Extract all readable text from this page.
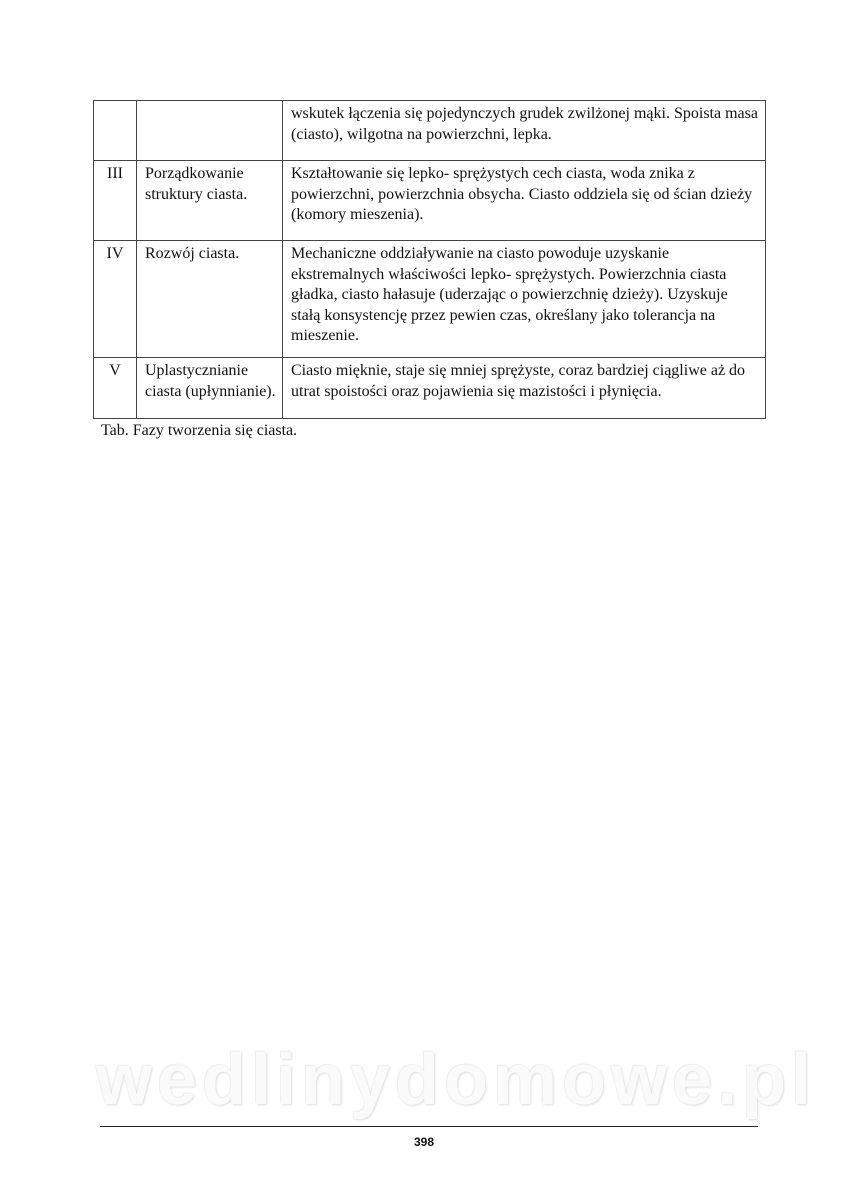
		wskutek łączenia się pojedynczych grudek zwilżonej mąki. Spoista masa (ciasto), wilgotna na powierzchni, lepka.
III	Porządkowanie struktury ciasta.	Kształtowanie się lepko- sprężystych cech ciasta, woda znika z powierzchni, powierzchnia obsycha. Ciasto oddziela się od ścian dzieży (komory mieszenia).
IV	Rozwój ciasta.	Mechaniczne oddziaływanie na ciasto powoduje uzyskanie ekstremalnych właściwości lepko- sprężystych. Powierzchnia ciasta gładka, ciasto hałasuje (uderzając o powierzchnię dzieży). Uzyskuje stałą konsystencję przez pewien czas, określany jako tolerancja na mieszenie.
V	Uplastycznianie ciasta (upłynnianie).	Ciasto mięknie, staje się mniej sprężyste, coraz bardziej ciągliwe aż do utrat spoistości oraz pojawienia się mazistości i płynięcia.
Tab. Fazy tworzenia się ciasta.
wedlinydomowe.pl
398
